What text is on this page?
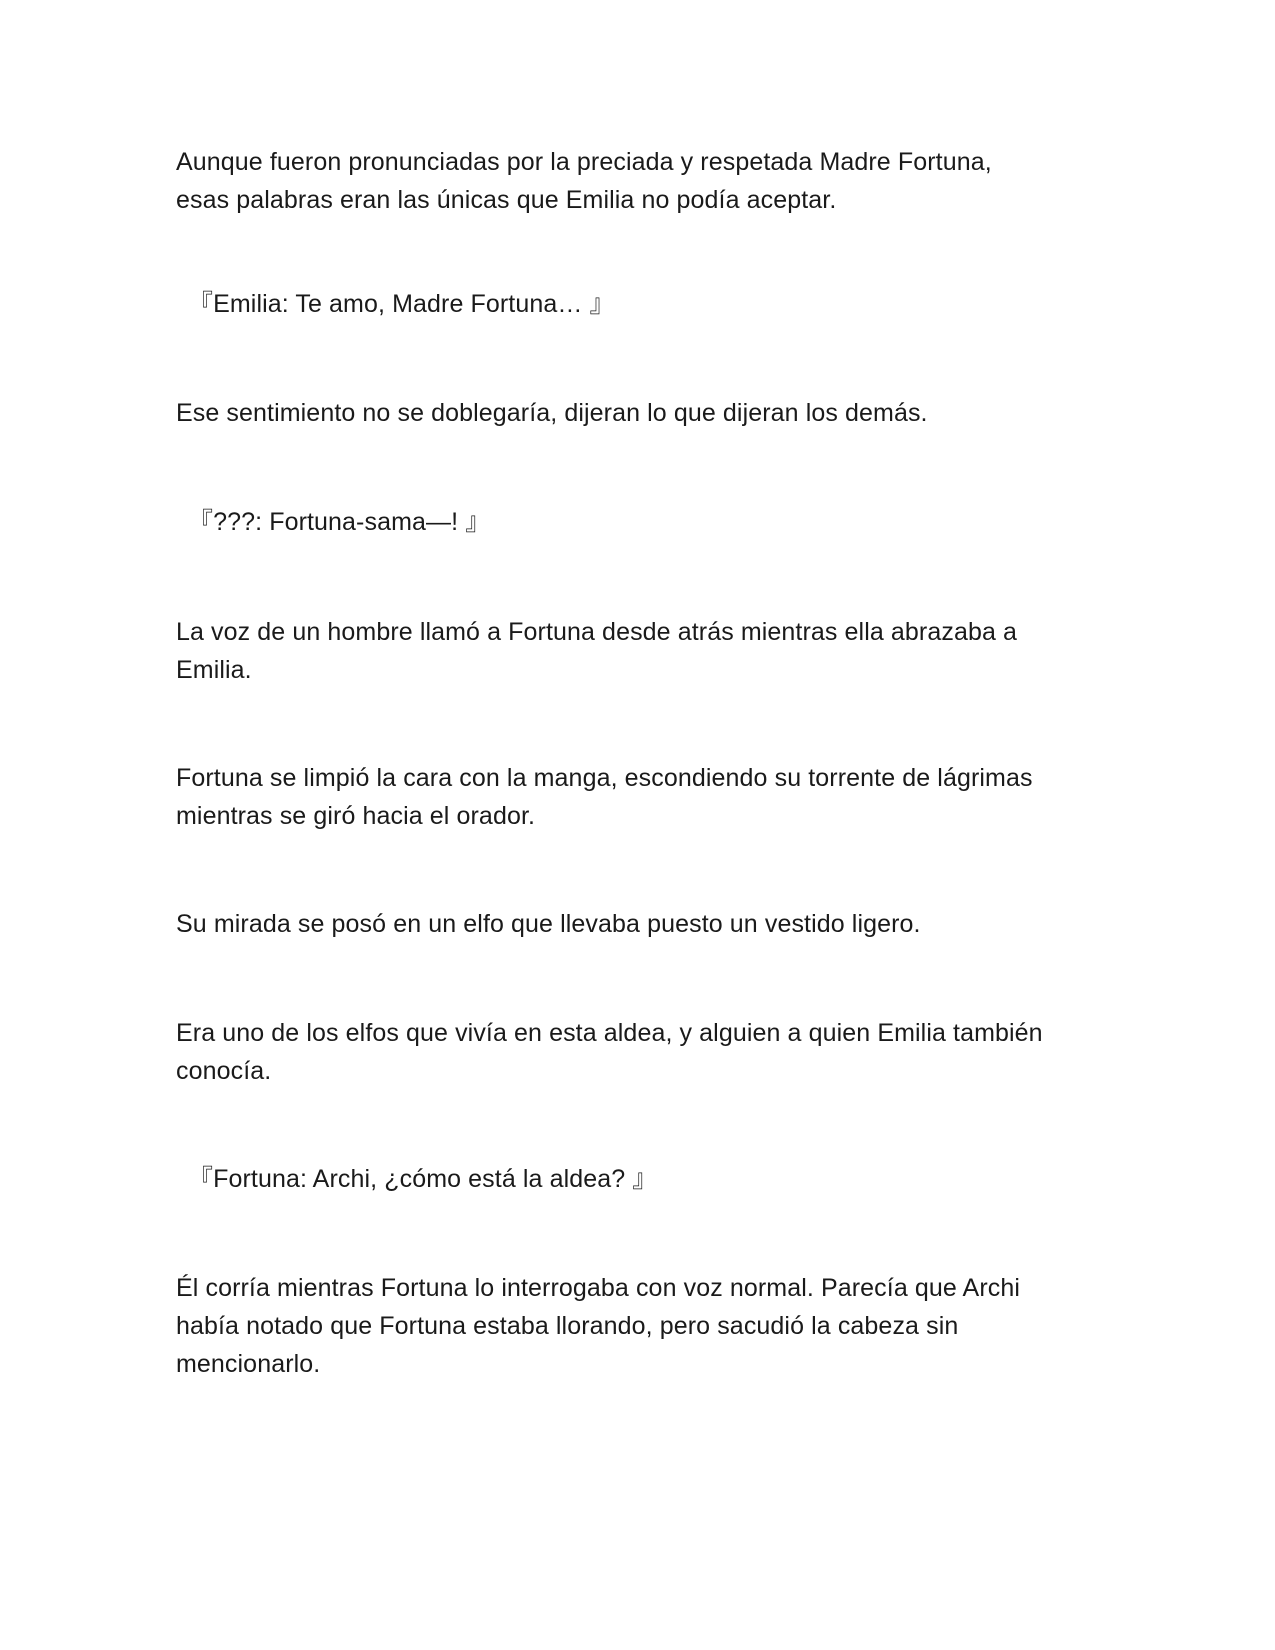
Aunque fueron pronunciadas por la preciada y respetada Madre Fortuna,
esas palabras eran las únicas que Emilia no podía aceptar.

『Emilia: Te amo, Madre Fortuna… 』

Ese sentimiento no se doblegaría, dijeran lo que dijeran los demás.

『???: Fortuna-sama—! 』

La voz de un hombre llamó a Fortuna desde atrás mientras ella abrazaba a
Emilia.

Fortuna se limpió la cara con la manga, escondiendo su torrente de lágrimas
mientras se giró hacia el orador.

Su mirada se posó en un elfo que llevaba puesto un vestido ligero.

Era uno de los elfos que vivía en esta aldea, y alguien a quien Emilia también
conocía.

『Fortuna: Archi, ¿cómo está la aldea? 』

Él corría mientras Fortuna lo interrogaba con voz normal. Parecía que Archi
había notado que Fortuna estaba llorando, pero sacudió la cabeza sin
mencionarlo.
